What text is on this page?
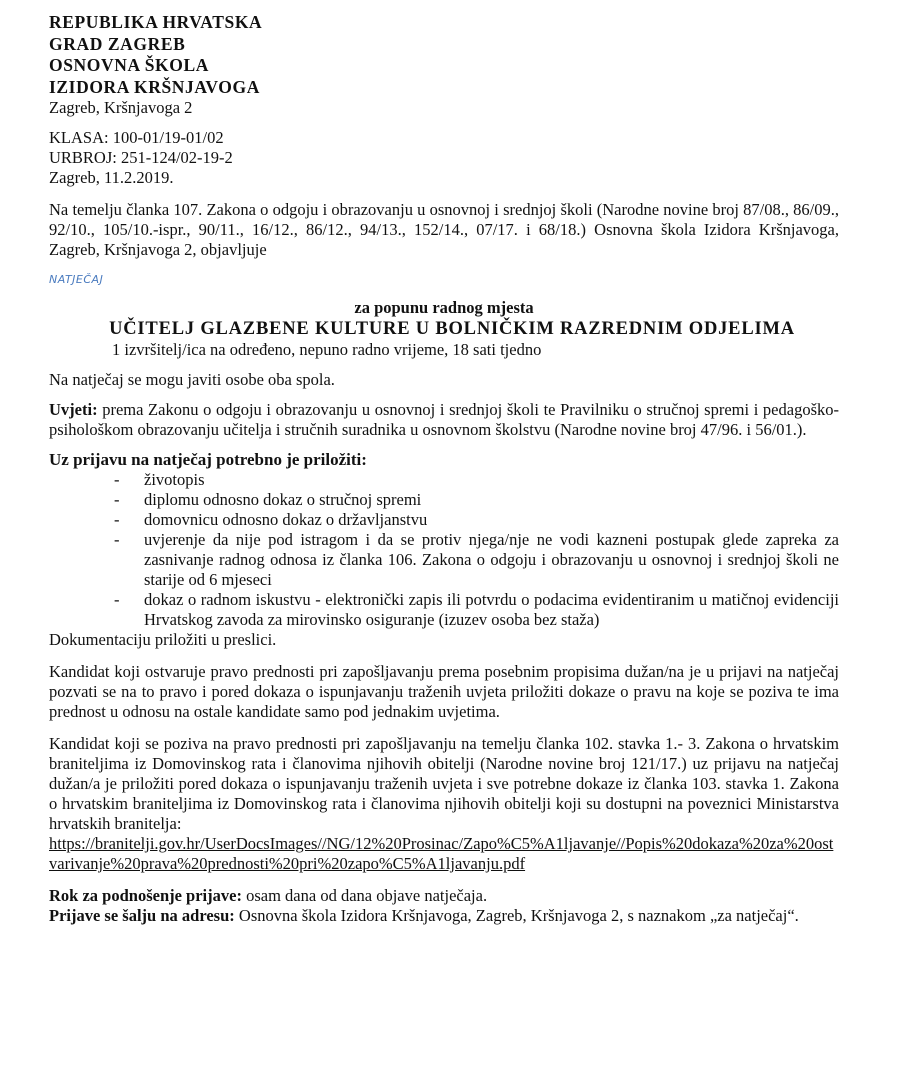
REPUBLIKA HRVATSKA
GRAD ZAGREB
OSNOVNA ŠKOLA
IZIDORA KRŠNJAVOGA
Zagreb, Kršnjavoga 2
KLASA: 100-01/19-01/02
URBROJ: 251-124/02-19-2
Zagreb, 11.2.2019.
Na temelju članka 107. Zakona o odgoju i obrazovanju u osnovnoj i srednjoj školi (Narodne novine broj 87/08., 86/09., 92/10., 105/10.-ispr., 90/11., 16/12., 86/12., 94/13., 152/14., 07/17. i 68/18.) Osnovna škola Izidora Kršnjavoga, Zagreb, Kršnjavoga 2, objavljuje
NATJEČAJ
za popunu radnog mjesta
UČITELJ GLAZBENE KULTURE U BOLNIČKIM RAZREDNIM ODJELIMA
1 izvršitelj/ica na određeno, nepuno radno vrijeme, 18 sati tjedno
Na natječaj se mogu javiti osobe oba spola.
Uvjeti: prema Zakonu o odgoju i obrazovanju u osnovnoj i srednjoj školi te Pravilniku o stručnoj spremi i pedagoško-psihološkom obrazovanju učitelja i stručnih suradnika u osnovnom školstvu (Narodne novine broj 47/96. i 56/01.).
Uz prijavu na natječaj potrebno je priložiti:
- životopis
- diplomu odnosno dokaz o stručnoj spremi
- domovnicu odnosno dokaz o državljanstvu
- uvjerenje da nije pod istragom i da se protiv njega/nje ne vodi kazneni postupak glede zapreka za zasnivanje radnog odnosa iz članka 106. Zakona o odgoju i obrazovanju u osnovnoj i srednjoj školi ne starije od 6 mjeseci
- dokaz o radnom iskustvu - elektronički zapis ili potvrdu o podacima evidentiranim u matičnoj evidenciji Hrvatskog zavoda za mirovinsko osiguranje (izuzev osoba bez staža)
Dokumentaciju priložiti u preslici.
Kandidat koji ostvaruje pravo prednosti pri zapošljavanju prema posebnim propisima dužan/na je u prijavi na natječaj pozvati se na to pravo i pored dokaza o ispunjavanju traženih uvjeta priložiti dokaze o pravu na koje se poziva te ima prednost u odnosu na ostale kandidate samo pod jednakim uvjetima.
Kandidat koji se poziva na pravo prednosti pri zapošljavanju na temelju članka 102. stavka 1.- 3. Zakona o hrvatskim braniteljima iz Domovinskog rata i članovima njihovih obitelji (Narodne novine broj 121/17.) uz prijavu na natječaj dužan/a je priložiti pored dokaza o ispunjavanju traženih uvjeta i sve potrebne dokaze iz članka 103. stavka 1. Zakona o hrvatskim braniteljima iz Domovinskog rata i članovima njihovih obitelji koji su dostupni na poveznici Ministarstva hrvatskih branitelja:
https://branitelji.gov.hr/UserDocsImages//NG/12%20Prosinac/Zapo%C5%A1ljavanje//Popis%20dokaza%20za%20ostvarivanje%20prava%20prednosti%20pri%20zapo%C5%A1ljavanju.pdf
Rok za podnošenje prijave: osam dana od dana objave natječaja.
Prijave se šalju na adresu: Osnovna škola Izidora Kršnjavoga, Zagreb, Kršnjavoga 2, s naznakom „za natječaj“.
